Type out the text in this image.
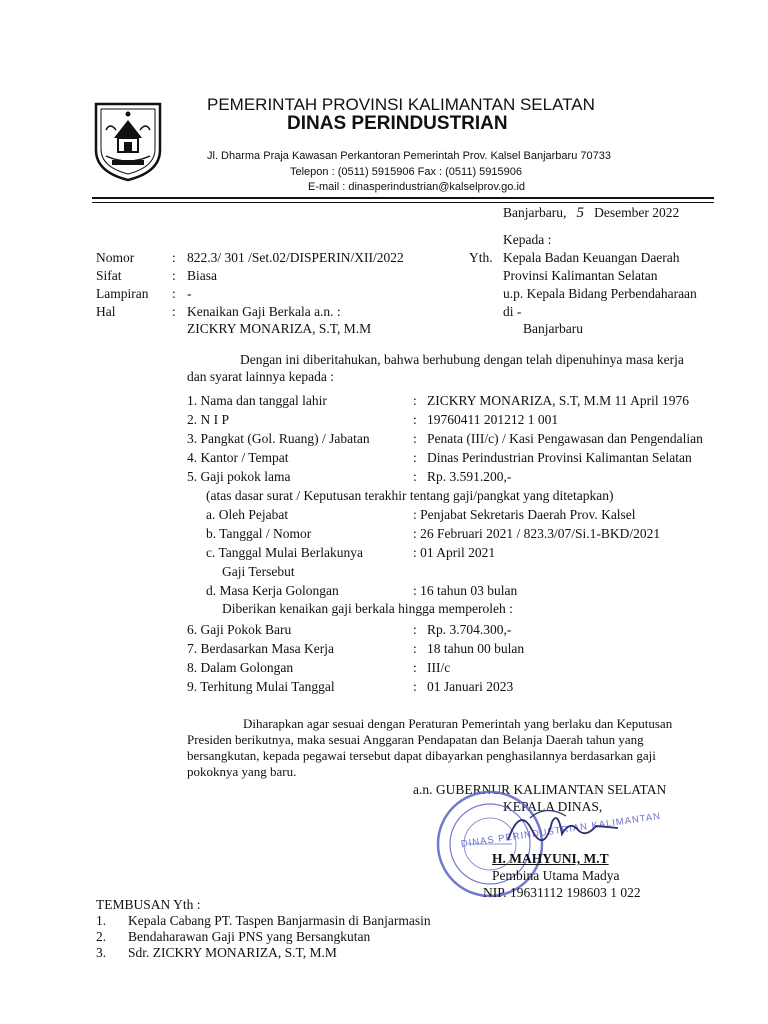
PEMERINTAH PROVINSI KALIMANTAN SELATAN
DINAS PERINDUSTRIAN
Jl. Dharma Praja Kawasan Perkantoran Pemerintah Prov. Kalsel Banjarbaru 70733
Telepon : (0511) 5915906 Fax : (0511) 5915906
E-mail : dinasperindustrian@kalselprov.go.id
Banjarbaru, 5 Desember 2022
Nomor	: 822.3/ 301 /Set.02/DISPERIN/XII/2022
Sifat	: Biasa
Lampiran : -
Hal	: Kenaikan Gaji Berkala a.n. :
ZICKRY MONARIZA, S.T, M.M
Kepada :
Yth. Kepala Badan Keuangan Daerah
Provinsi Kalimantan Selatan
u.p. Kepala Bidang Perbendaharaan
di -
Banjarbaru
Dengan ini diberitahukan, bahwa berhubung dengan telah dipenuhinya masa kerja
dan syarat lainnya kepada :
1. Nama dan tanggal lahir	: ZICKRY MONARIZA, S.T, M.M 11 April 1976
2. N I P	: 19760411 201212 1 001
3. Pangkat (Gol. Ruang) / Jabatan	: Penata (III/c) / Kasi Pengawasan dan Pengendalian
4. Kantor / Tempat	: Dinas Perindustrian Provinsi Kalimantan Selatan
5. Gaji pokok lama	: Rp. 3.591.200,-
(atas dasar surat / Keputusan terakhir tentang gaji/pangkat yang ditetapkan)
a. Oleh Pejabat	: Penjabat Sekretaris Daerah Prov. Kalsel
b. Tanggal / Nomor	: 26 Februari 2021 / 823.3/07/Si.1-BKD/2021
c. Tanggal Mulai Berlakunya
Gaji Tersebut
: 01 April 2021
d. Masa Kerja Golongan	: 16 tahun 03 bulan
Diberikan kenaikan gaji berkala hingga memperoleh :
6. Gaji Pokok Baru	: Rp. 3.704.300,-
7. Berdasarkan Masa Kerja	: 18 tahun 00 bulan
8. Dalam Golongan	: III/c
9. Terhitung Mulai Tanggal	: 01 Januari 2023
Diharapkan agar sesuai dengan Peraturan Pemerintah yang berlaku dan Keputusan
Presiden berikutnya, maka sesuai Anggaran Pendapatan dan Belanja Daerah tahun yang
bersangkutan, kepada pegawai tersebut dapat dibayarkan penghasilannya berdasarkan gaji
pokoknya yang baru.
a.n. GUBERNUR KALIMANTAN SELATAN
KEPALA DINAS,
DINAS PERINDUSTRIAN KALIMANTAN
H. MAHYUNI, M.T
Pembina Utama Madya
NIP. 19631112 198603 1 022
TEMBUSAN Yth :
1. Kepala Cabang PT. Taspen Banjarmasin di Banjarmasin
2. Bendaharawan Gaji PNS yang Bersangkutan
3. Sdr. ZICKRY MONARIZA, S.T, M.M
